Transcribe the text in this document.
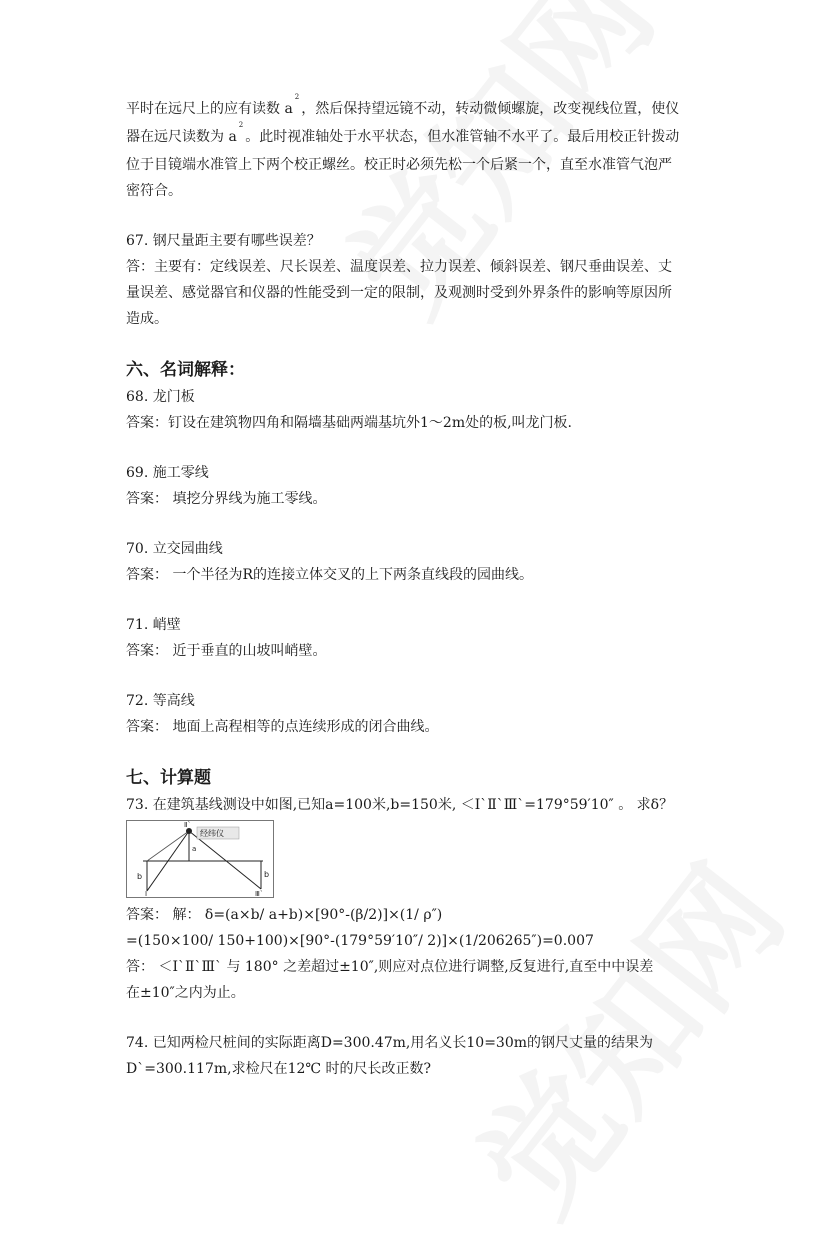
平时在远尺上的应有读数 $a^2$，然后保持望远镜不动，转动微倾螺旋，改变视线位置，使仪

器在远尺读数为 $a^2$。此时视准轴处于水平状态，但水准管轴不水平了。最后用校正针拨动

位于目镜端水准管上下两个校正螺丝。校正时必须先松一个后紧一个，直至水准管气泡严

密符合。

67. 钢尺量距主要有哪些误差？

答：主要有：定线误差、尺长误差、温度误差、拉力误差、倾斜误差、钢尺垂曲误差、丈

量误差、感觉器官和仪器的性能受到一定的限制，及观测时受到外界条件的影响等原因所

造成。

六、名词解释：

68. 龙门板

答案：钉设在建筑物四角和隔墙基础两端基坑外1～2m处的板,叫龙门板.

69. 施工零线

答案： 填挖分界线为施工零线。

70. 立交园曲线

答案： 一个半径为R的连接立体交叉的上下两条直线段的园曲线。

71. 峭壁

答案： 近于垂直的山坡叫峭壁。

72. 等高线

答案： 地面上高程相等的点连续形成的闭合曲线。

七、计算题

73. 在建筑基线测设中如图,已知a=100米,b=150米, ＜Ⅰ`Ⅱ`Ⅲ`=179°59′10″ 。 求δ？

经纬仪
Ⅱ`
b	b
Ⅰ	Ⅲ`
a

答案： 解： δ=(a×b/ a+b)×[90°-(β/2)]×(1/ ρ″)

=(150×100/ 150+100)×[90°-(179°59′10″/ 2)]×(1/206265″)=0.007

答： ＜Ⅰ`Ⅱ`Ⅲ` 与 180° 之差超过±10″,则应对点位进行调整,反复进行,直至中中误差

在±10″之内为止。

74. 已知两检尺桩间的实际距离D=300.47m,用名义长10=30m的钢尺丈量的结果为

D`=300.117m,求检尺在12℃ 时的尺长改正数?
